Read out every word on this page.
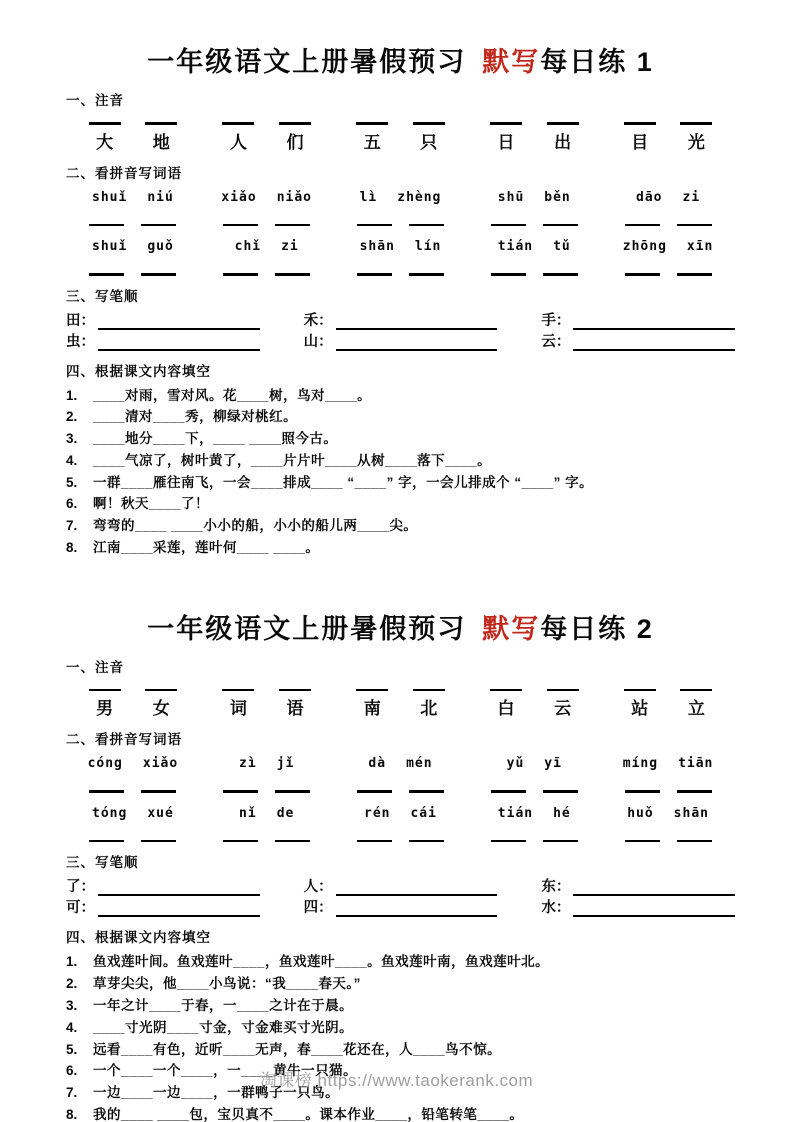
一年级语文上册暑假预习 默写每日练 1
一、注音
大	地	人	们	五	只	日	出	目	光
二、看拼音写词语
shuǐ niú	xiǎo niǎo	lì zhèng	shū běn	dāo zi
shuǐ guǒ	chǐ zi	shān lín	tián tǔ	zhōng xīn
三、写笔顺
田：	禾：	手：
虫：	山：	云：
四、根据课文内容填空
1.	____对雨，雪对风。花____树，鸟对____。
2.	____清对____秀，柳绿对桃红。
3.	____地分____下，____ ____照今古。
4.	____气凉了，树叶黄了，____片片叶____从树____落下____。
5.	一群____雁往南飞，一会____排成____ “____” 字，一会儿排成个 “____” 字。
6.	啊！秋天____了！
7.	弯弯的____ ____小小的船，小小的船儿两____尖。
8.	江南____采莲，莲叶何____ ____。
一年级语文上册暑假预习 默写每日练 2
一、注音
男	女	词	语	南	北	白	云	站	立
二、看拼音写词语
cóng xiǎo	zì jǐ	dà mén	yǔ yī	míng tiān
tóng xué	nǐ de	rén cái	tián hé	huǒ shān
三、写笔顺
了：	人：	东：
可：	四：	水：
四、根据课文内容填空
1.	鱼戏莲叶间。鱼戏莲叶____，鱼戏莲叶____。鱼戏莲叶南，鱼戏莲叶北。
2.	草芽尖尖，他____小鸟说：“我____春天。”
3.	一年之计____于春，一____之计在于晨。
4.	____寸光阴____寸金，寸金难买寸光阴。
5.	远看____有色，近听____无声，春____花还在，人____鸟不惊。
6.	一个____一个____，一____黄牛一只猫。
7.	一边____一边____，一群鸭子一只鸟。
8.	我的____ ____包，宝贝真不____。课本作业____，铅笔转笔____。
淘课榜 https://www.taokerank.com
